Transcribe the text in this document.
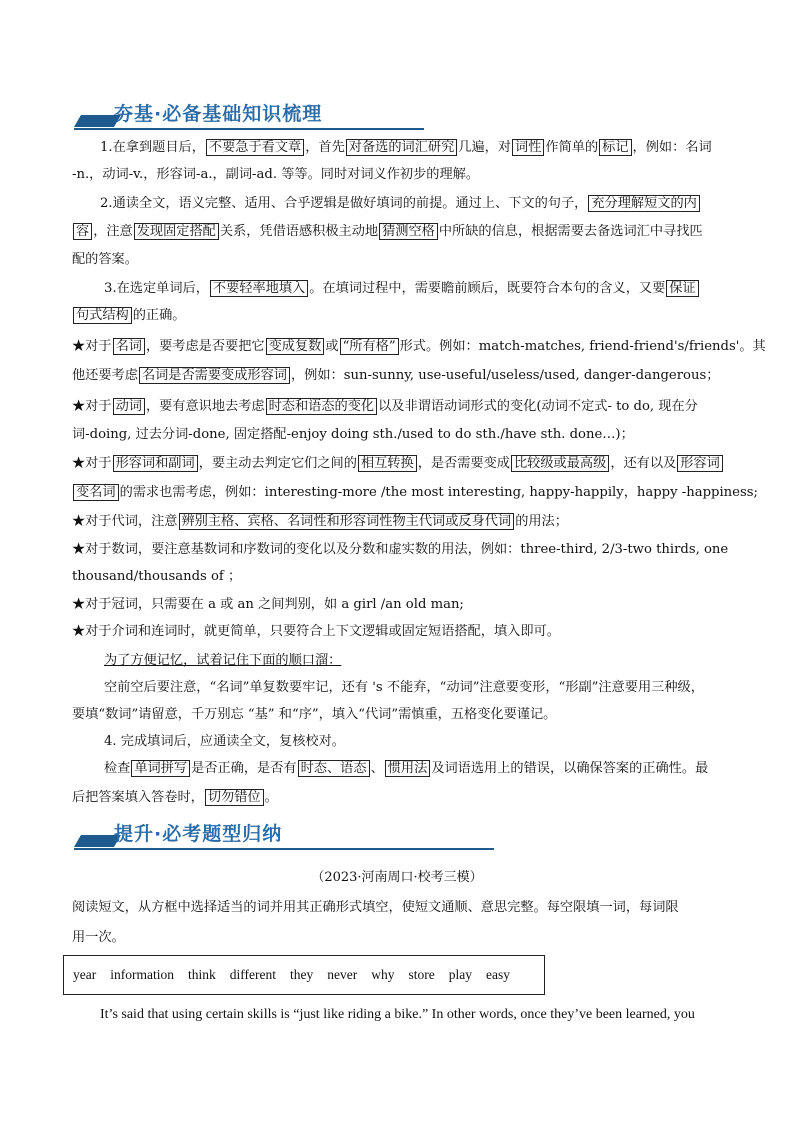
夯基·必备基础知识梳理
1.在拿到题目后， 不要急于看文章 ，首先 对备选的词汇研究 几遍，对 词性 作简单的 标记 ，例如：名词
-n.，动词-v.，形容词-a.，副词-ad. 等等。同时对词义作初步的理解。
2.通读全文，语义完整、适用、合乎逻辑是做好填词的前提。通过上、下文的句子， 充分理解短文的内
容 ，注意 发现固定搭配 关系，凭借语感积极主动地 猜测空格 中所缺的信息，根据需要去备选词汇中寻找匹
配的答案。
3.在选定单词后， 不要轻率地填入 。在填词过程中，需要瞻前顾后，既要符合本句的含义，又要 保证
句式结构 的正确。
★对于 名词 ，要考虑是否要把它 变成复数 或 “所有格” 形式。例如：match-matches, friend-friend's/friends'。其
他还要考虑 名词是否需要变成形容词 ，例如：sun-sunny, use-useful/useless/used, danger-dangerous；
★对于 动词 ，要有意识地去考虑 时态和语态的变化 以及非谓语动词形式的变化(动词不定式- to do, 现在分
词-doing, 过去分词-done, 固定搭配-enjoy doing sth./used to do sth./have sth. done…)；
★对于 形容词和副词 ，要主动去判定它们之间的 相互转换 ，是否需要变成 比较级或最高级 ，还有以及 形容词
变名词 的需求也需考虑，例如：interesting-more /the most interesting, happy-happily，happy -happiness;
★对于代词，注意 辨别主格、宾格、名词性和形容词性物主代词或反身代词 的用法；
★对于数词，要注意基数词和序数词的变化以及分数和虚实数的用法，例如：three-third, 2/3-two thirds, one
thousand/thousands of ；
★对于冠词，只需要在 a 或 an 之间判别，如 a girl /an old man;
★对于介词和连词时，就更简单，只要符合上下文逻辑或固定短语搭配，填入即可。
为了方便记忆，试着记住下面的顺口溜：
空前空后要注意，“名词”单复数要牢记，还有 's 不能弃，“动词”注意要变形，“形副”注意要用三种级，
要填“数词”请留意，千万别忘 “基” 和“序”，填入“代词”需慎重，五格变化要谨记。
4. 完成填词后，应通读全文，复核校对。
检查 单词拼写 是否正确，是否有 时态、语态 、 惯用法 及词语选用上的错误，以确保答案的正确性。最
后把答案填入答卷时， 切勿错位 。
提升·必考题型归纳
（2023·河南周口·校考三模）
阅读短文，从方框中选择适当的词并用其正确形式填空，使短文通顺、意思完整。每空限填一词，每词限
用一次。
year information think different they never why store play easy
It’s said that using certain skills is “just like riding a bike.” In other words, once they’ve been learned, you
